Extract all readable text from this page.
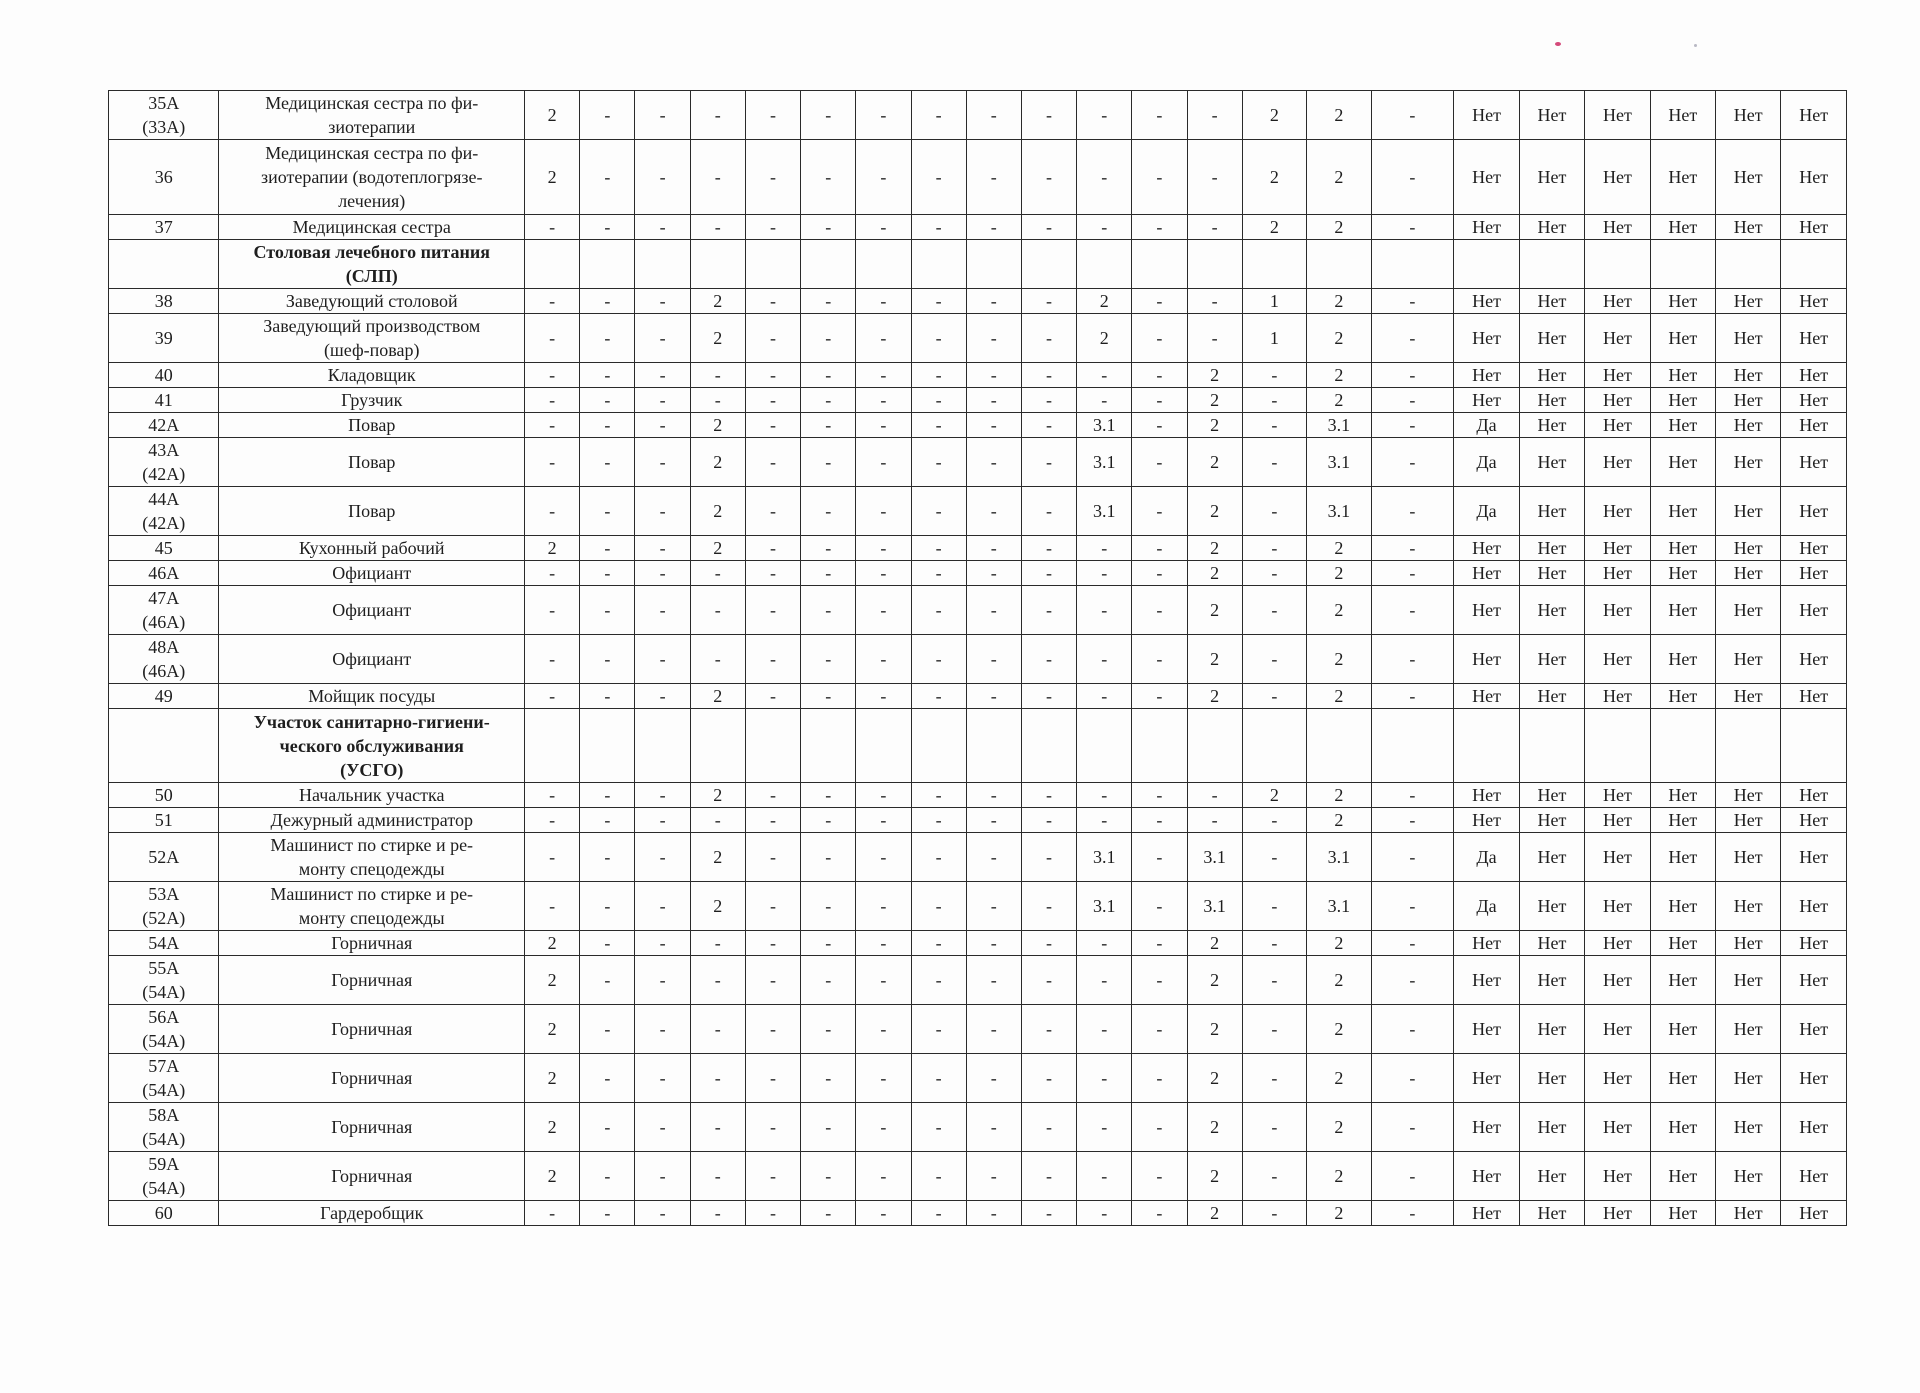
35А
(33А)	Медицинская сестра по фи-
зиотерапии	2	-	-	-	-	-	-	-	-	-	-	-	-	2	2	-	Нет	Нет	Нет	Нет	Нет	Нет
36	Медицинская сестра по фи-
зиотерапии (водотеплогрязе-
лечения)	2	-	-	-	-	-	-	-	-	-	-	-	-	2	2	-	Нет	Нет	Нет	Нет	Нет	Нет
37	Медицинская сестра	-	-	-	-	-	-	-	-	-	-	-	-	-	2	2	-	Нет	Нет	Нет	Нет	Нет	Нет
	Столовая лечебного питания
(СЛП)																						
38	Заведующий столовой	-	-	-	2	-	-	-	-	-	-	2	-	-	1	2	-	Нет	Нет	Нет	Нет	Нет	Нет
39	Заведующий производством
(шеф-повар)	-	-	-	2	-	-	-	-	-	-	2	-	-	1	2	-	Нет	Нет	Нет	Нет	Нет	Нет
40	Кладовщик	-	-	-	-	-	-	-	-	-	-	-	-	2	-	2	-	Нет	Нет	Нет	Нет	Нет	Нет
41	Грузчик	-	-	-	-	-	-	-	-	-	-	-	-	2	-	2	-	Нет	Нет	Нет	Нет	Нет	Нет
42А	Повар	-	-	-	2	-	-	-	-	-	-	3.1	-	2	-	3.1	-	Да	Нет	Нет	Нет	Нет	Нет
43А
(42А)	Повар	-	-	-	2	-	-	-	-	-	-	3.1	-	2	-	3.1	-	Да	Нет	Нет	Нет	Нет	Нет
44А
(42А)	Повар	-	-	-	2	-	-	-	-	-	-	3.1	-	2	-	3.1	-	Да	Нет	Нет	Нет	Нет	Нет
45	Кухонный рабочий	2	-	-	2	-	-	-	-	-	-	-	-	2	-	2	-	Нет	Нет	Нет	Нет	Нет	Нет
46А	Официант	-	-	-	-	-	-	-	-	-	-	-	-	2	-	2	-	Нет	Нет	Нет	Нет	Нет	Нет
47А
(46А)	Официант	-	-	-	-	-	-	-	-	-	-	-	-	2	-	2	-	Нет	Нет	Нет	Нет	Нет	Нет
48А
(46А)	Официант	-	-	-	-	-	-	-	-	-	-	-	-	2	-	2	-	Нет	Нет	Нет	Нет	Нет	Нет
49	Мойщик посуды	-	-	-	2	-	-	-	-	-	-	-	-	2	-	2	-	Нет	Нет	Нет	Нет	Нет	Нет
	Участок санитарно-гигиени-
ческого обслуживания
(УСГО)																						
50	Начальник участка	-	-	-	2	-	-	-	-	-	-	-	-	-	2	2	-	Нет	Нет	Нет	Нет	Нет	Нет
51	Дежурный администратор	-	-	-	-	-	-	-	-	-	-	-	-	-	-	2	-	Нет	Нет	Нет	Нет	Нет	Нет
52А	Машинист по стирке и ре-
монту спецодежды	-	-	-	2	-	-	-	-	-	-	3.1	-	3.1	-	3.1	-	Да	Нет	Нет	Нет	Нет	Нет
53А
(52А)	Машинист по стирке и ре-
монту спецодежды	-	-	-	2	-	-	-	-	-	-	3.1	-	3.1	-	3.1	-	Да	Нет	Нет	Нет	Нет	Нет
54А	Горничная	2	-	-	-	-	-	-	-	-	-	-	-	2	-	2	-	Нет	Нет	Нет	Нет	Нет	Нет
55А
(54А)	Горничная	2	-	-	-	-	-	-	-	-	-	-	-	2	-	2	-	Нет	Нет	Нет	Нет	Нет	Нет
56А
(54А)	Горничная	2	-	-	-	-	-	-	-	-	-	-	-	2	-	2	-	Нет	Нет	Нет	Нет	Нет	Нет
57А
(54А)	Горничная	2	-	-	-	-	-	-	-	-	-	-	-	2	-	2	-	Нет	Нет	Нет	Нет	Нет	Нет
58А
(54А)	Горничная	2	-	-	-	-	-	-	-	-	-	-	-	2	-	2	-	Нет	Нет	Нет	Нет	Нет	Нет
59А
(54А)	Горничная	2	-	-	-	-	-	-	-	-	-	-	-	2	-	2	-	Нет	Нет	Нет	Нет	Нет	Нет
60	Гардеробщик	-	-	-	-	-	-	-	-	-	-	-	-	2	-	2	-	Нет	Нет	Нет	Нет	Нет	Нет
